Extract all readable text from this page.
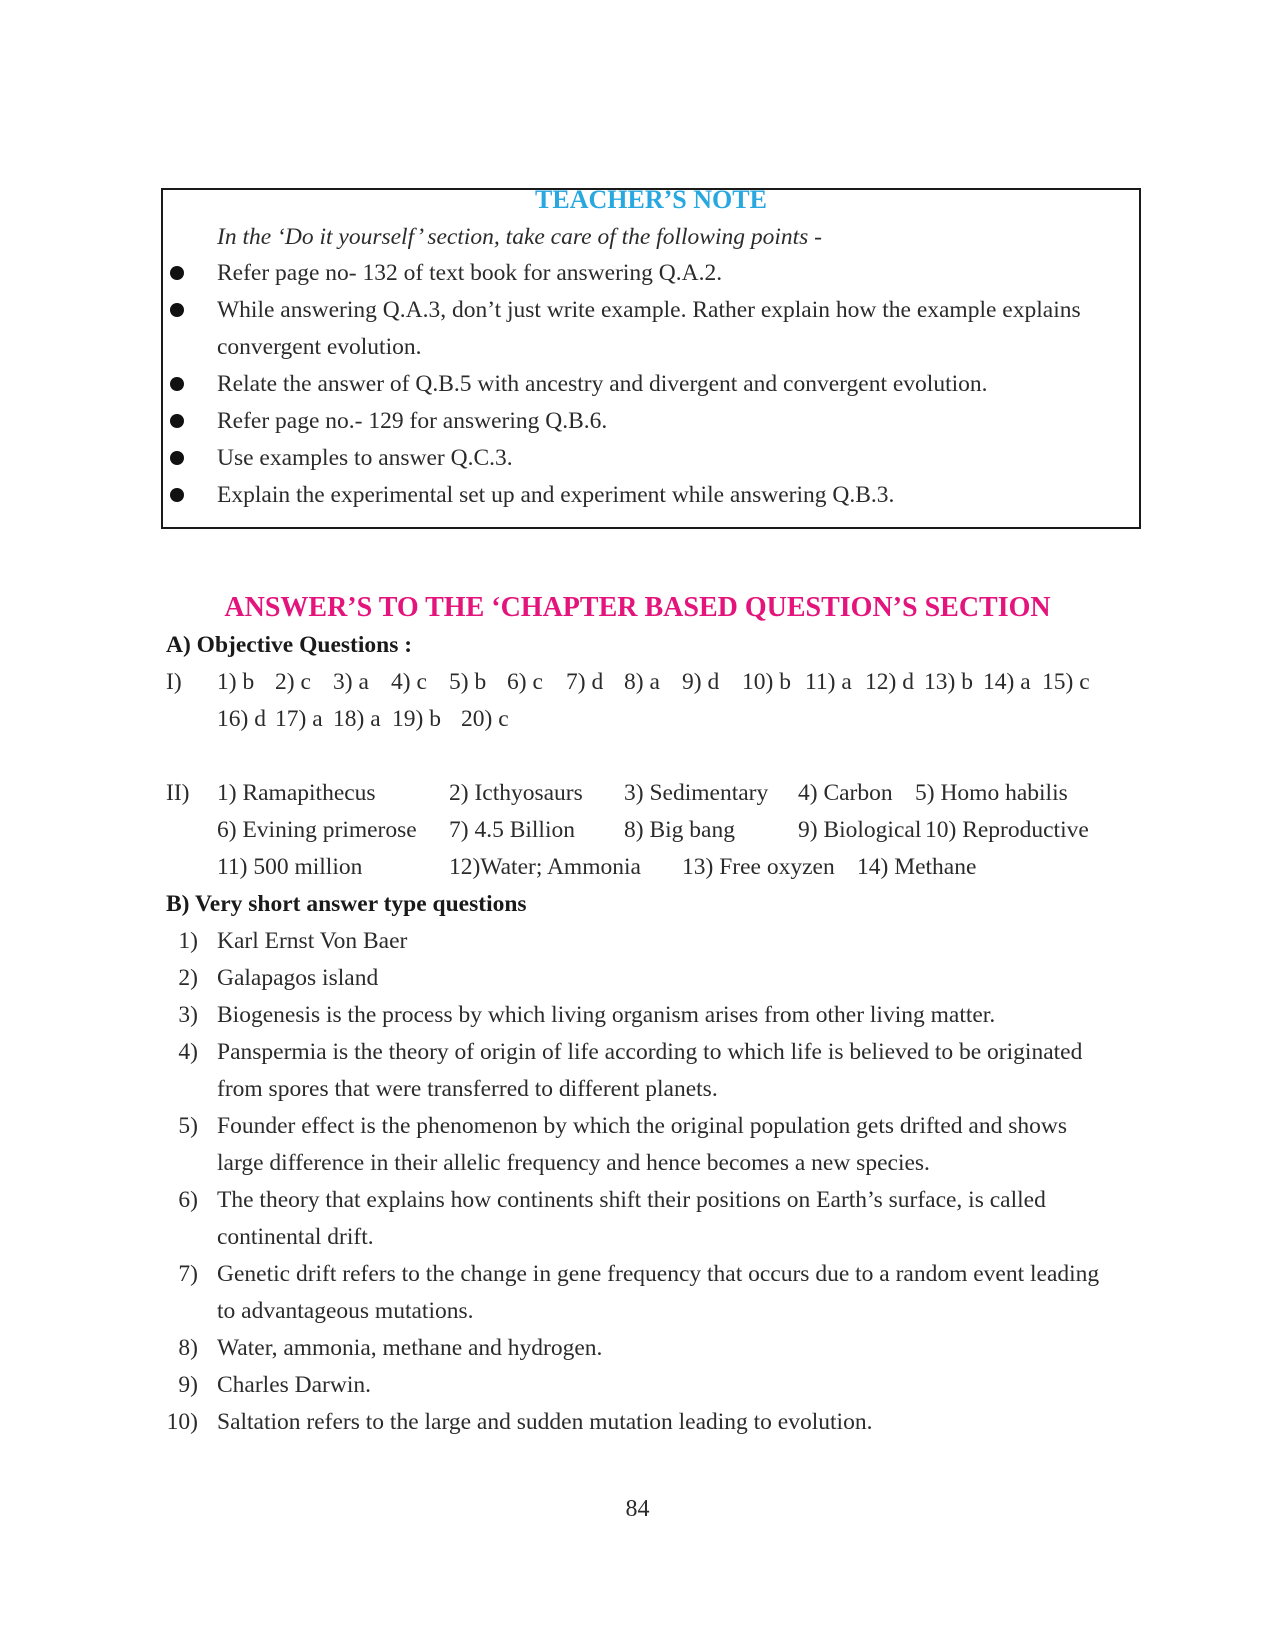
TEACHER’S NOTE
In the ‘Do it yourself’ section, take care of the following points -
Refer page no- 132 of text book for answering Q.A.2.
While answering Q.A.3, don’t just write example. Rather explain how the example explains
convergent evolution.
Relate the answer of Q.B.5 with ancestry and divergent and convergent evolution.
Refer page no.- 129 for answering Q.B.6.
Use examples to answer Q.C.3.
Explain the experimental set up and experiment while answering Q.B.3.
ANSWER’S TO THE ‘CHAPTER BASED QUESTION’S SECTION
A) Objective Questions :
I) 1) b 2) c 3) a 4) c 5) b 6) c 7) d 8) a 9) d 10) b 11) a 12) d 13) b 14) a 15) c
16) d 17) a 18) a 19) b 20) c
II) 1) Ramapithecus	2) Icthyosaurs 3) Sedimentary 4) Carbon 5) Homo habilis
6) Evining primerose 7) 4.5 Billion 8) Big bang	9) Biological 10) Reproductive
11) 500 million	12)Water; Ammonia 13) Free oxyzen 14) Methane
B) Very short answer type questions
1) Karl Ernst Von Baer
2) Galapagos island
3) Biogenesis is the process by which living organism arises from other living matter.
4) Panspermia is the theory of origin of life according to which life is believed to be originated
from spores that were transferred to different planets.
5) Founder effect is the phenomenon by which the original population gets drifted and shows
large difference in their allelic frequency and hence becomes a new species.
6) The theory that explains how continents shift their positions on Earth’s surface, is called
continental drift.
7) Genetic drift refers to the change in gene frequency that occurs due to a random event leading
to advantageous mutations.
8) Water, ammonia, methane and hydrogen.
9) Charles Darwin.
10) Saltation refers to the large and sudden mutation leading to evolution.
84
